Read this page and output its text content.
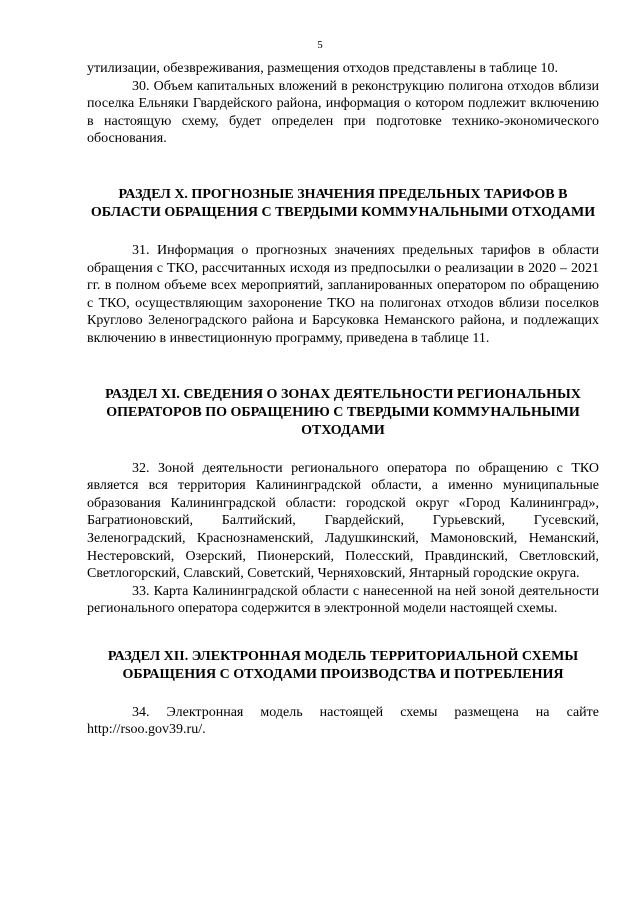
5

утилизации, обезвреживания, размещения отходов представлены в таблице 10.

30. Объем капитальных вложений в реконструкцию полигона отходов вблизи поселка Ельняки Гвардейского района, информация о котором подлежит включению в настоящую схему, будет определен при подготовке технико-экономического обоснования.

РАЗДЕЛ X. ПРОГНОЗНЫЕ ЗНАЧЕНИЯ ПРЕДЕЛЬНЫХ ТАРИФОВ В ОБЛАСТИ ОБРАЩЕНИЯ С ТВЕРДЫМИ КОММУНАЛЬНЫМИ ОТХОДАМИ

31. Информация о прогнозных значениях предельных тарифов в области обращения с ТКО, рассчитанных исходя из предпосылки о реализации в 2020 – 2021 гг. в полном объеме всех мероприятий, запланированных оператором по обращению с ТКО, осуществляющим захоронение ТКО на полигонах отходов вблизи поселков Круглово Зеленоградского района и Барсуковка Неманского района, и подлежащих включению в инвестиционную программу, приведена в таблице 11.

РАЗДЕЛ XI. СВЕДЕНИЯ О ЗОНАХ ДЕЯТЕЛЬНОСТИ РЕГИОНАЛЬНЫХ ОПЕРАТОРОВ ПО ОБРАЩЕНИЮ С ТВЕРДЫМИ КОММУНАЛЬНЫМИ ОТХОДАМИ

32. Зоной деятельности регионального оператора по обращению с ТКО является вся территория Калининградской области, а именно муниципальные образования Калининградской области: городской округ «Город Калининград», Багратионовский, Балтийский, Гвардейский, Гурьевский, Гусевский, Зеленоградский, Краснознаменский, Ладушкинский, Мамоновский, Неманский, Нестеровский, Озерский, Пионерский, Полесский, Правдинский, Светловский, Светлогорский, Славский, Советский, Черняховский, Янтарный городские округа.

33. Карта Калининградской области с нанесенной на ней зоной деятельности регионального оператора содержится в электронной модели настоящей схемы.

РАЗДЕЛ XII. ЭЛЕКТРОННАЯ МОДЕЛЬ ТЕРРИТОРИАЛЬНОЙ СХЕМЫ ОБРАЩЕНИЯ С ОТХОДАМИ ПРОИЗВОДСТВА И ПОТРЕБЛЕНИЯ

34. Электронная модель настоящей схемы размещена на сайте http://rsoo.gov39.ru/.
